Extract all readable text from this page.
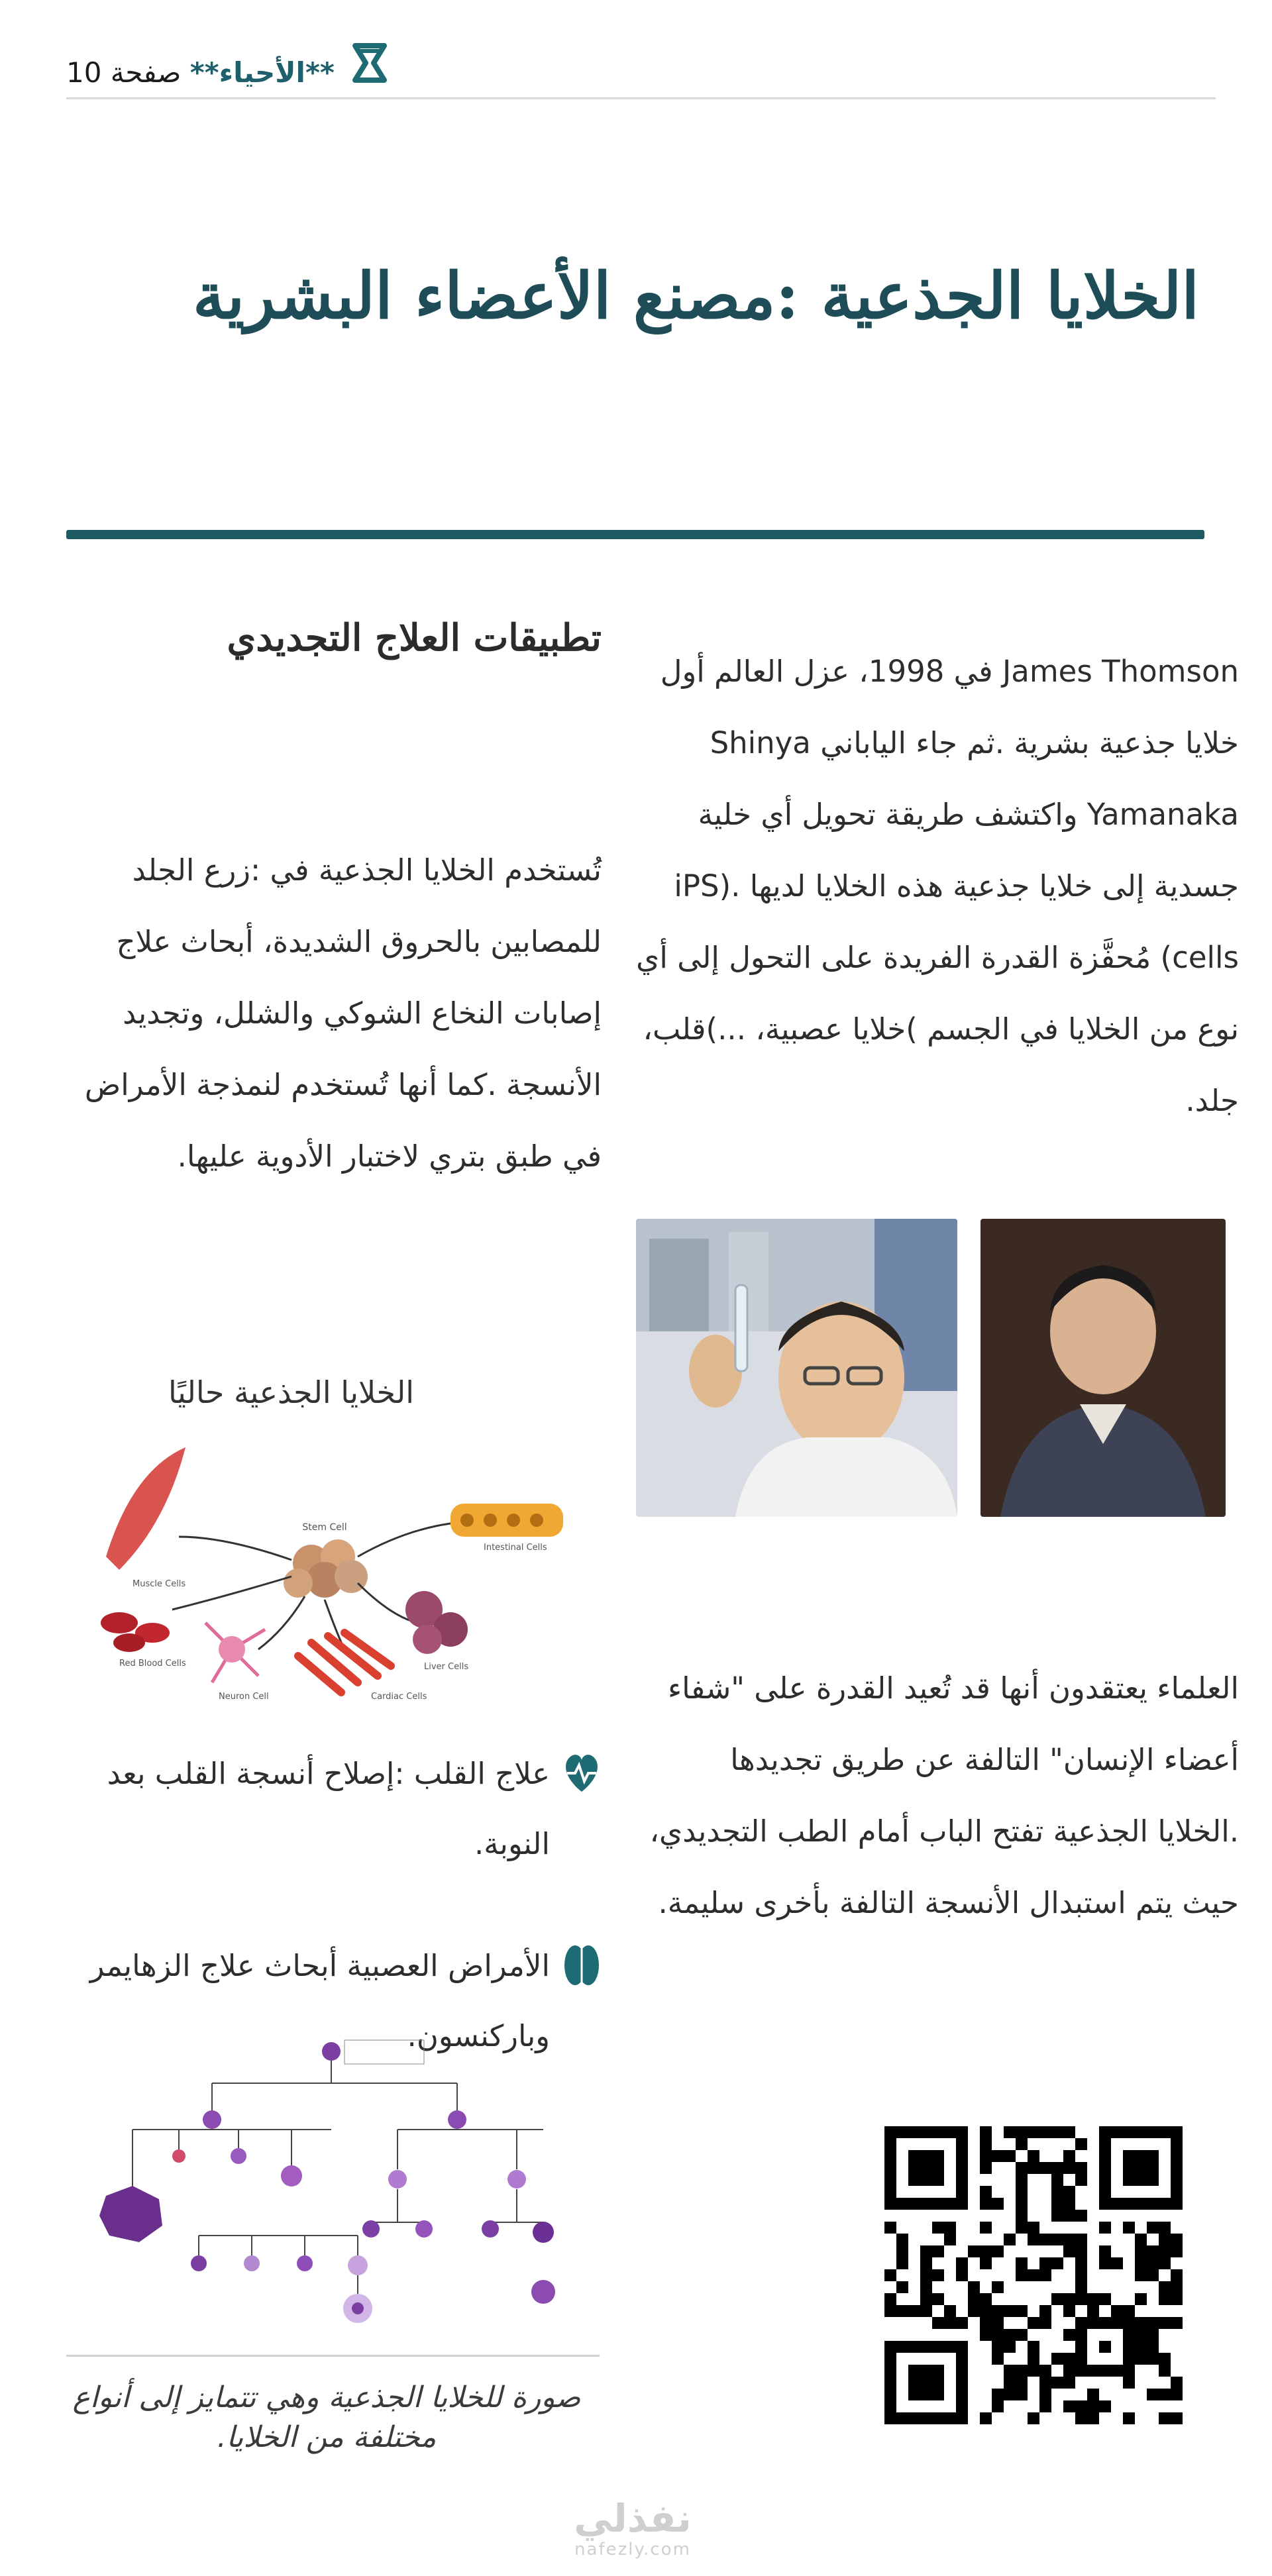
**الأحياء** صفحة 10
الخلايا الجذعية :مصنع الأعضاء البشرية
James Thomson في 1998، عزل العالم أول خلايا جذعية بشرية .ثم جاء الياباني Shinya Yamanaka واكتشف طريقة تحويل أي خلية جسدية إلى خلايا جذعية هذه الخلايا لديها .(iPS cells) مُحفَّزة القدرة الفريدة على التحول إلى أي نوع من الخلايا في الجسم )خلايا عصبية، ...)قلب، جلد.
تطبيقات العلاج التجديدي
تُستخدم الخلايا الجذعية في :زرع الجلد للمصابين بالحروق الشديدة، أبحاث علاج إصابات النخاع الشوكي والشلل، وتجديد الأنسجة .كما أنها تُستخدم لنمذجة الأمراض في طبق بتري لاختبار الأدوية عليها.
الخلايا الجذعية حاليًا
Stem Cell
Muscle Cells
Red Blood Cells
Neuron Cell	Cardiac Cells
Intestinal Cells
Liver Cells
علاج القلب :إصلاح أنسجة القلب بعد النوبة.
الأمراض العصبية أبحاث علاج الزهايمر وباركنسون.
صورة للخلايا الجذعية وهي تتمايز إلى أنواع مختلفة من الخلايا.
العلماء يعتقدون أنها قد تُعيد القدرة على "شفاء أعضاء الإنسان" التالفة عن طريق تجديدها .الخلايا الجذعية تفتح الباب أمام الطب التجديدي، حيث يتم استبدال الأنسجة التالفة بأخرى سليمة.
نفذلي
nafezly.com
